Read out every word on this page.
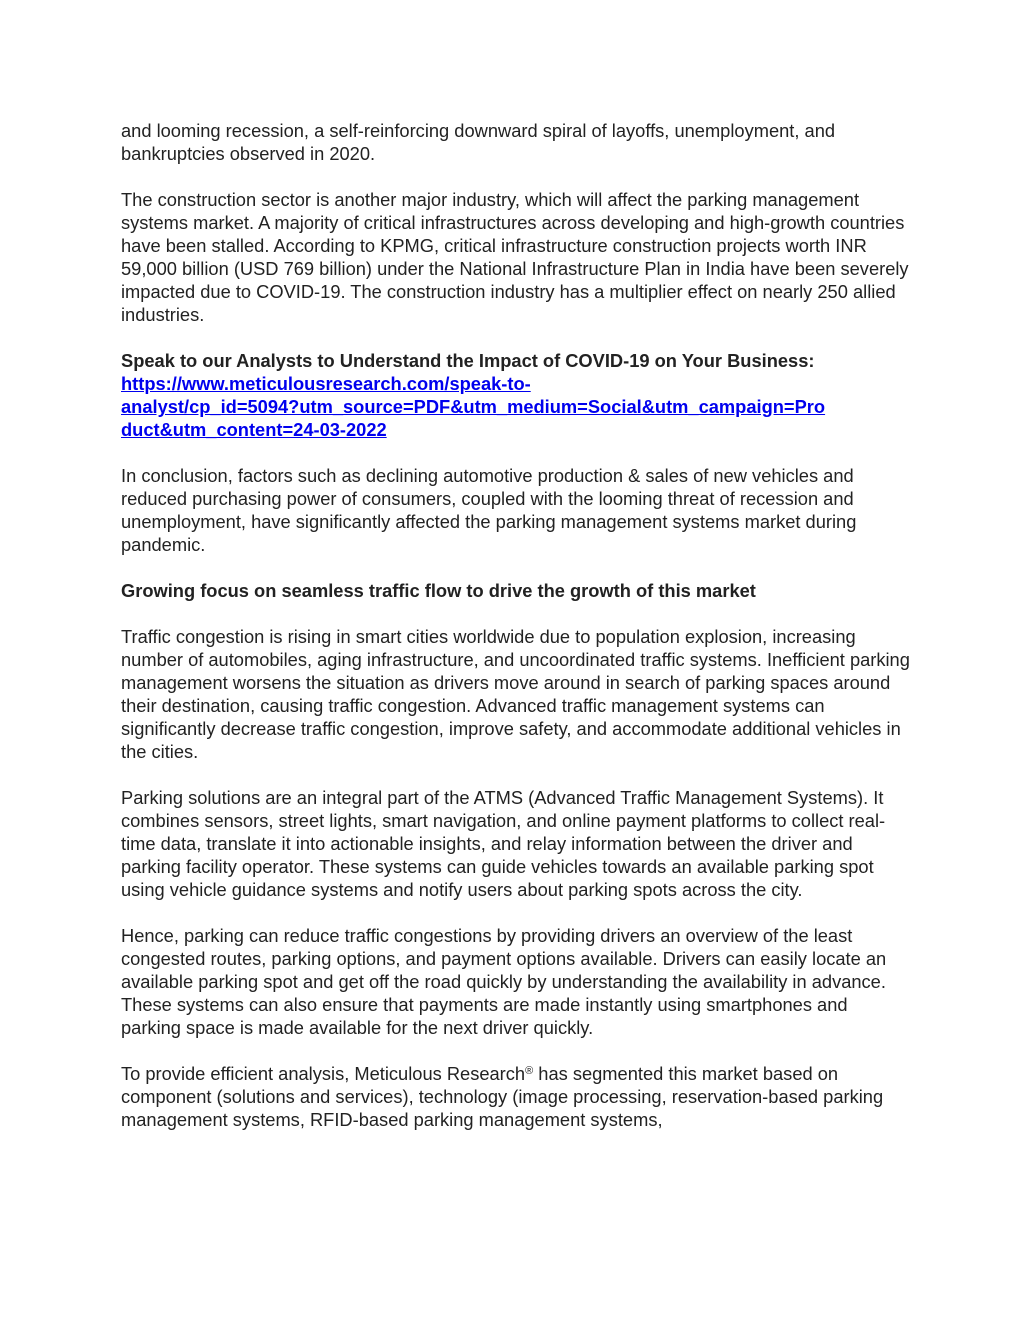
and looming recession, a self-reinforcing downward spiral of layoffs, unemployment, and bankruptcies observed in 2020.

The construction sector is another major industry, which will affect the parking management systems market. A majority of critical infrastructures across developing and high-growth countries have been stalled. According to KPMG, critical infrastructure construction projects worth INR 59,000 billion (USD 769 billion) under the National Infrastructure Plan in India have been severely impacted due to COVID-19. The construction industry has a multiplier effect on nearly 250 allied industries.

Speak to our Analysts to Understand the Impact of COVID-19 on Your Business:   https://www.meticulousresearch.com/speak-to-
analyst/cp_id=5094?utm_source=PDF&utm_medium=Social&utm_campaign=Pro
duct&utm_content=24-03-2022

In conclusion, factors such as declining automotive production & sales of new vehicles and reduced purchasing power of consumers, coupled with the looming threat of recession and unemployment, have significantly affected the parking management systems market during pandemic.

Growing focus on seamless traffic flow to drive the growth of this market

Traffic congestion is rising in smart cities worldwide due to population explosion, increasing number of automobiles, aging infrastructure, and uncoordinated traffic systems. Inefficient parking management worsens the situation as drivers move around in search of parking spaces around their destination, causing traffic congestion. Advanced traffic management systems can significantly decrease traffic congestion, improve safety, and accommodate additional vehicles in the cities.

Parking solutions are an integral part of the ATMS (Advanced Traffic Management Systems). It combines sensors, street lights, smart navigation, and online payment platforms to collect real-time data, translate it into actionable insights, and relay information between the driver and parking facility operator. These systems can guide vehicles towards an available parking spot using vehicle guidance systems and notify users about parking spots across the city.

Hence, parking can reduce traffic congestions by providing drivers an overview of the least congested routes, parking options, and payment options available. Drivers can easily locate an available parking spot and get off the road quickly by understanding the availability in advance. These systems can also ensure that payments are made instantly using smartphones and parking space is made available for the next driver quickly.

To provide efficient analysis, Meticulous Research® has segmented this market based on component (solutions and services), technology (image processing, reservation-based parking management systems, RFID-based parking management systems,
